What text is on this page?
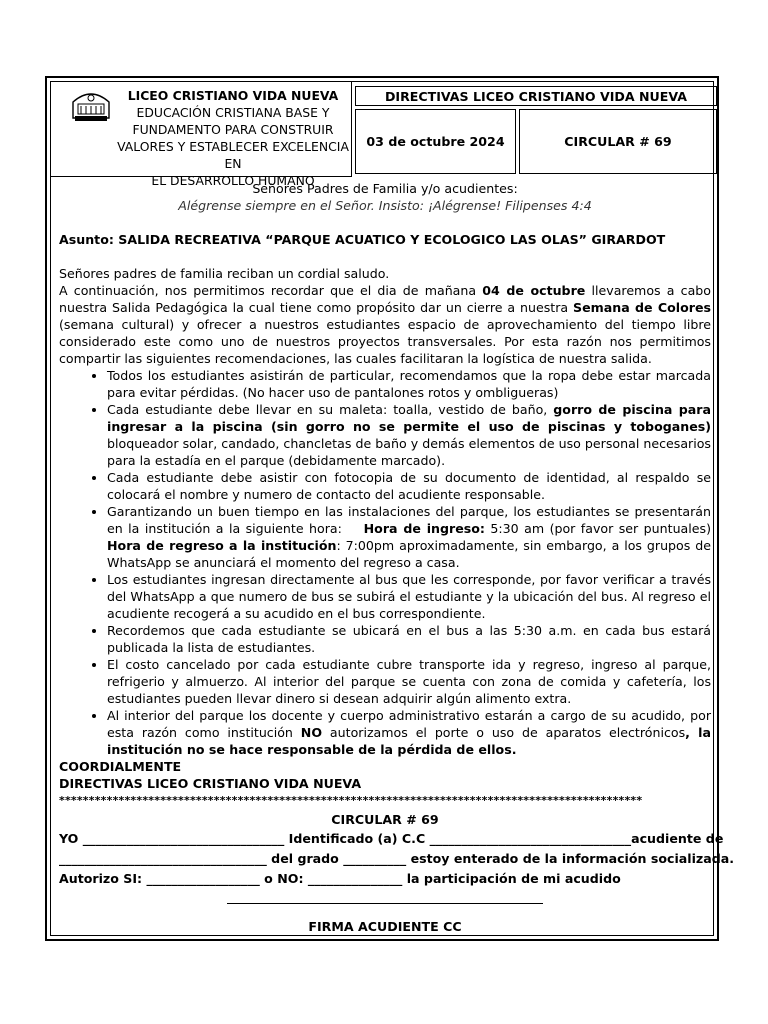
LICEO CRISTIANO VIDA NUEVA
EDUCACIÓN CRISTIANA BASE Y
FUNDAMENTO PARA CONSTRUIR
VALORES Y ESTABLECER EXCELENCIA EN
EL DESARROLLO HUMANO
DIRECTIVAS LICEO CRISTIANO VIDA NUEVA
03 de octubre 2024	CIRCULAR # 69
Señores Padres de Familia y/o acudientes:
Alégrense siempre en el Señor. Insisto: ¡Alégrense! Filipenses 4:4
Asunto: SALIDA RECREATIVA “PARQUE ACUATICO Y ECOLOGICO LAS OLAS” GIRARDOT
Señores padres de familia reciban un cordial saludo.
A continuación, nos permitimos recordar que el dia de mañana 04 de octubre llevaremos a cabo nuestra Salida Pedagógica la cual tiene como propósito dar un cierre a nuestra Semana de Colores (semana cultural) y ofrecer a nuestros estudiantes espacio de aprovechamiento del tiempo libre considerado este como uno de nuestros proyectos transversales. Por esta razón nos permitimos compartir las siguientes recomendaciones, las cuales facilitaran la logística de nuestra salida.
• Todos los estudiantes asistirán de particular, recomendamos que la ropa debe estar marcada para evitar pérdidas. (No hacer uso de pantalones rotos y ombligueras)
• Cada estudiante debe llevar en su maleta: toalla, vestido de baño, gorro de piscina para ingresar a la piscina (sin gorro no se permite el uso de piscinas y toboganes) bloqueador solar, candado, chancletas de baño y demás elementos de uso personal necesarios para la estadía en el parque (debidamente marcado).
• Cada estudiante debe asistir con fotocopia de su documento de identidad, al respaldo se colocará el nombre y numero de contacto del acudiente responsable.
• Garantizando un buen tiempo en las instalaciones del parque, los estudiantes se presentarán en la institución a la siguiente hora:    Hora de ingreso: 5:30 am (por favor ser puntuales)              Hora de regreso a la institución: 7:00pm aproximadamente, sin embargo, a los grupos de WhatsApp se anunciará el momento del regreso a casa.
• Los estudiantes ingresan directamente al bus que les corresponde, por favor verificar a través del WhatsApp a que numero de bus se subirá el estudiante y la ubicación del bus. Al regreso el acudiente recogerá a su acudido en el bus correspondiente.
• Recordemos que cada estudiante se ubicará en el bus a las 5:30 a.m. en cada bus estará publicada la lista de estudiantes.
• El costo cancelado por cada estudiante cubre transporte ida y regreso, ingreso al parque, refrigerio y almuerzo. Al interior del parque se cuenta con zona de comida y cafetería, los estudiantes pueden llevar dinero si desean adquirir algún alimento extra.
• Al interior del parque los docente y cuerpo administrativo estarán a cargo de su acudido, por esta razón como institución NO autorizamos el porte o uso de aparatos electrónicos, la institución no se hace responsable de la pérdida de ellos.
COORDIALMENTE
DIRECTIVAS LICEO CRISTIANO VIDA NUEVA
**************************************************************************************************
CIRCULAR # 69
YO ________________________________ Identificado (a) C.C ________________________________acudiente de
_________________________________ del grado __________ estoy enterado de la información socializada.
Autorizo SI: __________________ o NO: _______________ la participación de mi acudido
FIRMA ACUDIENTE CC
